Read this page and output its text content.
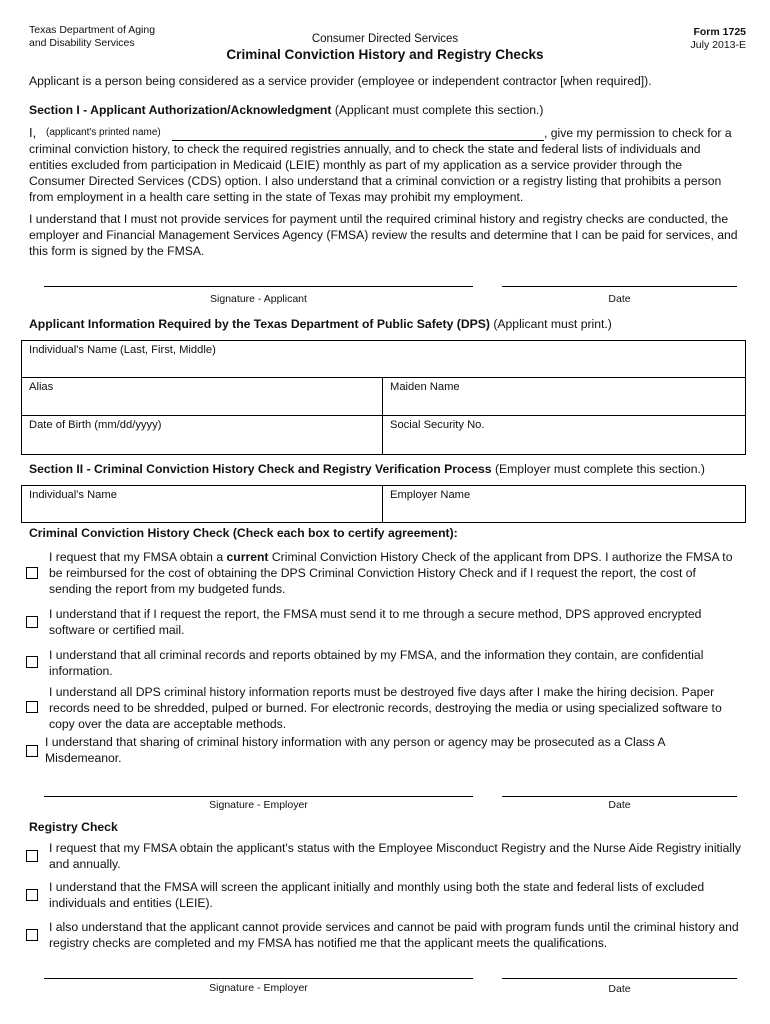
Texas Department of Aging
and Disability Services	Consumer Directed Services
Criminal Conviction History and Registry Checks
Form 1725
July 2013-E
Applicant is a person being considered as a service provider (employee or independent contractor [when required]).
Section I - Applicant Authorization/Acknowledgment (Applicant must complete this section.)
I, (applicant's printed name)	, give my permission to check for a
criminal conviction history, to check the required registries annually, and to check the state and federal lists of individuals and entities excluded from participation in Medicaid (LEIE) monthly as part of my application as a service provider through the Consumer Directed Services (CDS) option. I also understand that a criminal conviction or a registry listing that prohibits a person from employment in a health care setting in the state of Texas may prohibit my employment.
I understand that I must not provide services for payment until the required criminal history and registry checks are conducted, the employer and Financial Management Services Agency (FMSA) review the results and determine that I can be paid for services, and this form is signed by the FMSA.
Signature - Applicant	Date
Applicant Information Required by the Texas Department of Public Safety (DPS) (Applicant must print.)
Individual's Name (Last, First, Middle)
Alias	Maiden Name
Date of Birth (mm/dd/yyyy)	Social Security No.
Section II - Criminal Conviction History Check and Registry Verification Process (Employer must complete this section.)
Individual's Name	Employer Name
Criminal Conviction History Check (Check each box to certify agreement):
I request that my FMSA obtain a current Criminal Conviction History Check of the applicant from DPS. I authorize the FMSA to be reimbursed for the cost of obtaining the DPS Criminal Conviction History Check and if I request the report, the cost of sending the report from my budgeted funds.
I understand that if I request the report, the FMSA must send it to me through a secure method, DPS approved encrypted software or certified mail.
I understand that all criminal records and reports obtained by my FMSA, and the information they contain, are confidential information.
I understand all DPS criminal history information reports must be destroyed five days after I make the hiring decision. Paper records need to be shredded, pulped or burned. For electronic records, destroying the media or using specialized software to copy over the data are acceptable methods.
I understand that sharing of criminal history information with any person or agency may be prosecuted as a Class A Misdemeanor.
Signature - Employer	Date
Registry Check
I request that my FMSA obtain the applicant's status with the Employee Misconduct Registry and the Nurse Aide Registry initially and annually.
I understand that the FMSA will screen the applicant initially and monthly using both the state and federal lists of excluded individuals and entities (LEIE).
I also understand that the applicant cannot provide services and cannot be paid with program funds until the criminal history and registry checks are completed and my FMSA has notified me that the applicant meets the qualifications.
Signature - Employer	Date
